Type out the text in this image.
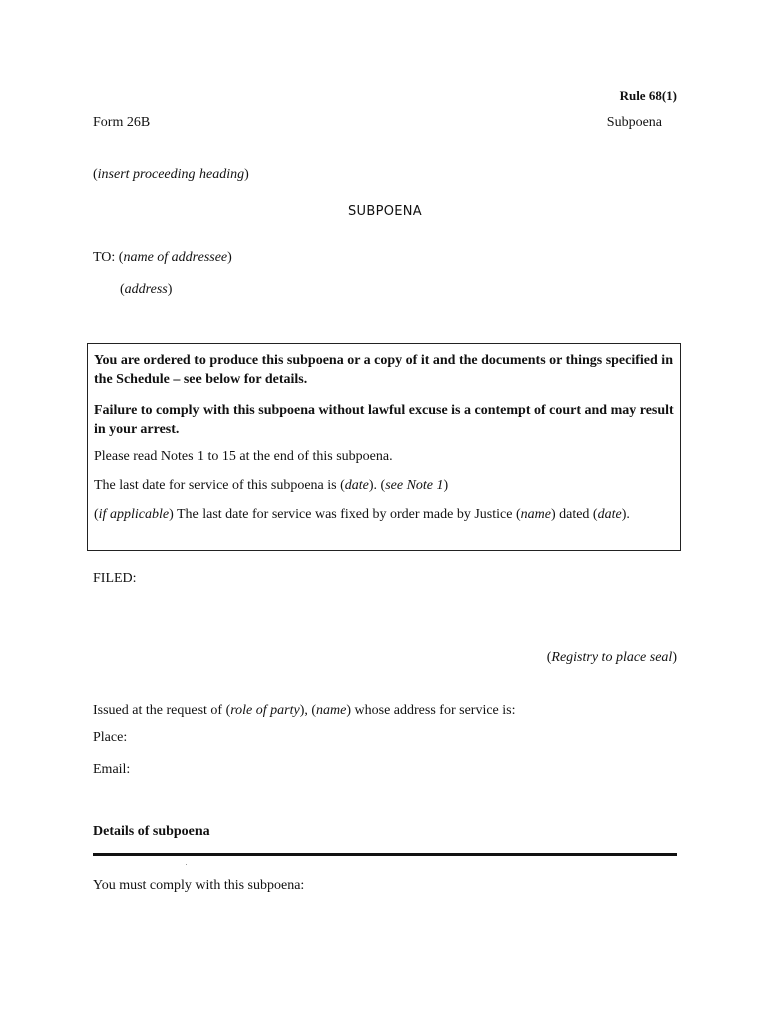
Rule 68(1)
Form 26B	Subpoena
(insert proceeding heading)
SUBPOENA
TO: (name of addressee)
(address)

You are ordered to produce this subpoena or a copy of it and the documents or things specified in the Schedule – see below for details.

Failure to comply with this subpoena without lawful excuse is a contempt of court and may result in your arrest.

Please read Notes 1 to 15 at the end of this subpoena.

The last date for service of this subpoena is (date). (see Note 1)

(if applicable) The last date for service was fixed by order made by Justice (name) dated (date).

FILED:
(Registry to place seal)
Issued at the request of (role of party), (name) whose address for service is:
Place:
Email:
Details of subpoena
You must comply with this subpoena:
